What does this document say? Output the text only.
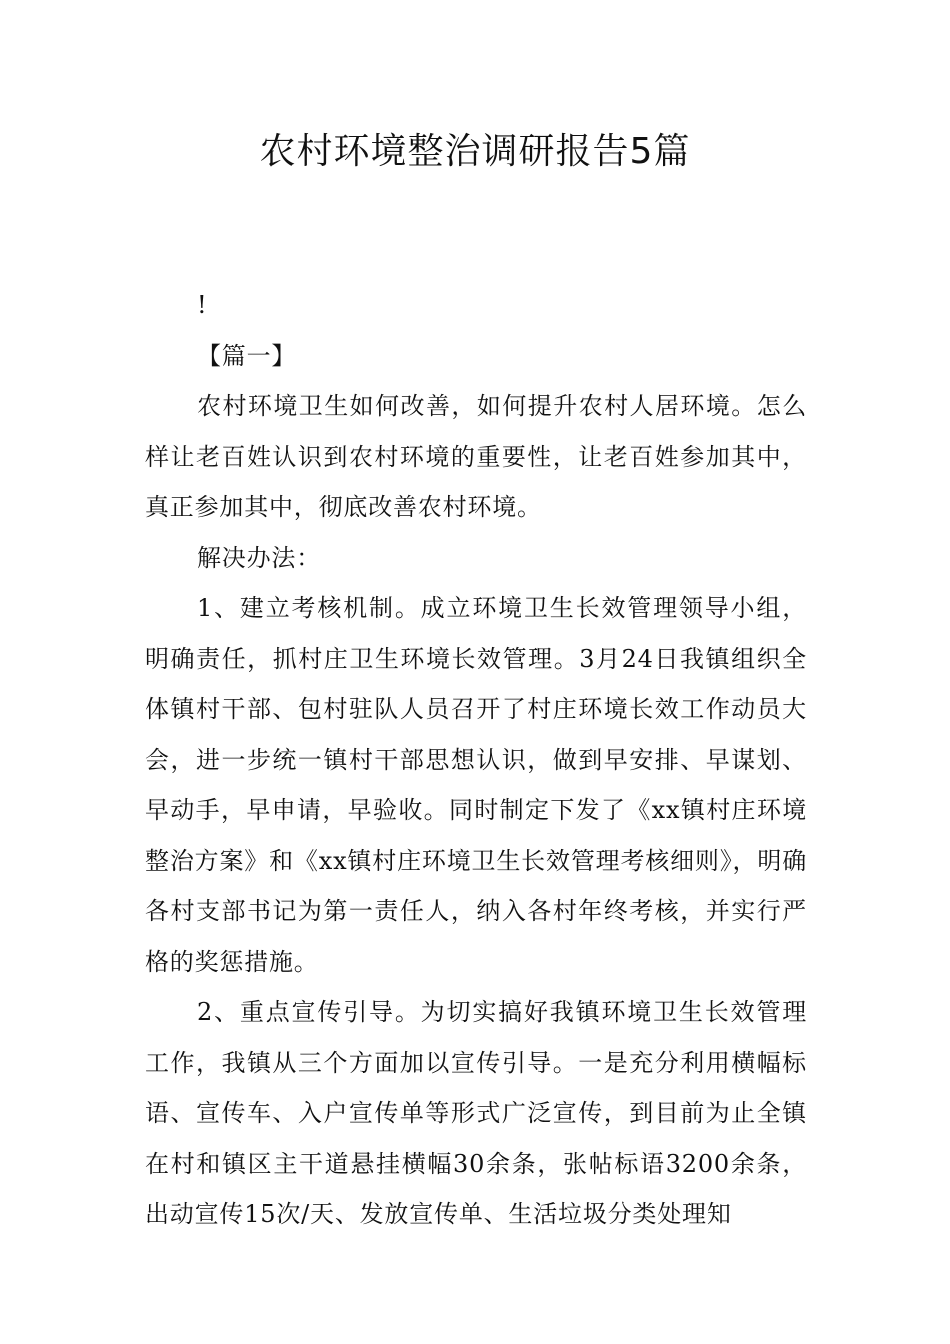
农村环境整治调研报告5篇

!

【篇一】

农村环境卫生如何改善，如何提升农村人居环境。怎么样让老百姓认识到农村环境的重要性，让老百姓参加其中，真正参加其中，彻底改善农村环境。

解决办法：

1、建立考核机制。成立环境卫生长效管理领导小组，明确责任，抓村庄卫生环境长效管理。3月24日我镇组织全体镇村干部、包村驻队人员召开了村庄环境长效工作动员大会，进一步统一镇村干部思想认识，做到早安排、早谋划、早动手，早申请，早验收。同时制定下发了《xx镇村庄环境整治方案》和《xx镇村庄环境卫生长效管理考核细则》，明确各村支部书记为第一责任人，纳入各村年终考核，并实行严格的奖惩措施。

2、重点宣传引导。为切实搞好我镇环境卫生长效管理工作，我镇从三个方面加以宣传引导。一是充分利用横幅标语、宣传车、入户宣传单等形式广泛宣传，到目前为止全镇在村和镇区主干道悬挂横幅30余条，张帖标语3200余条，出动宣传15次/天、发放宣传单、生活垃圾分类处理知
